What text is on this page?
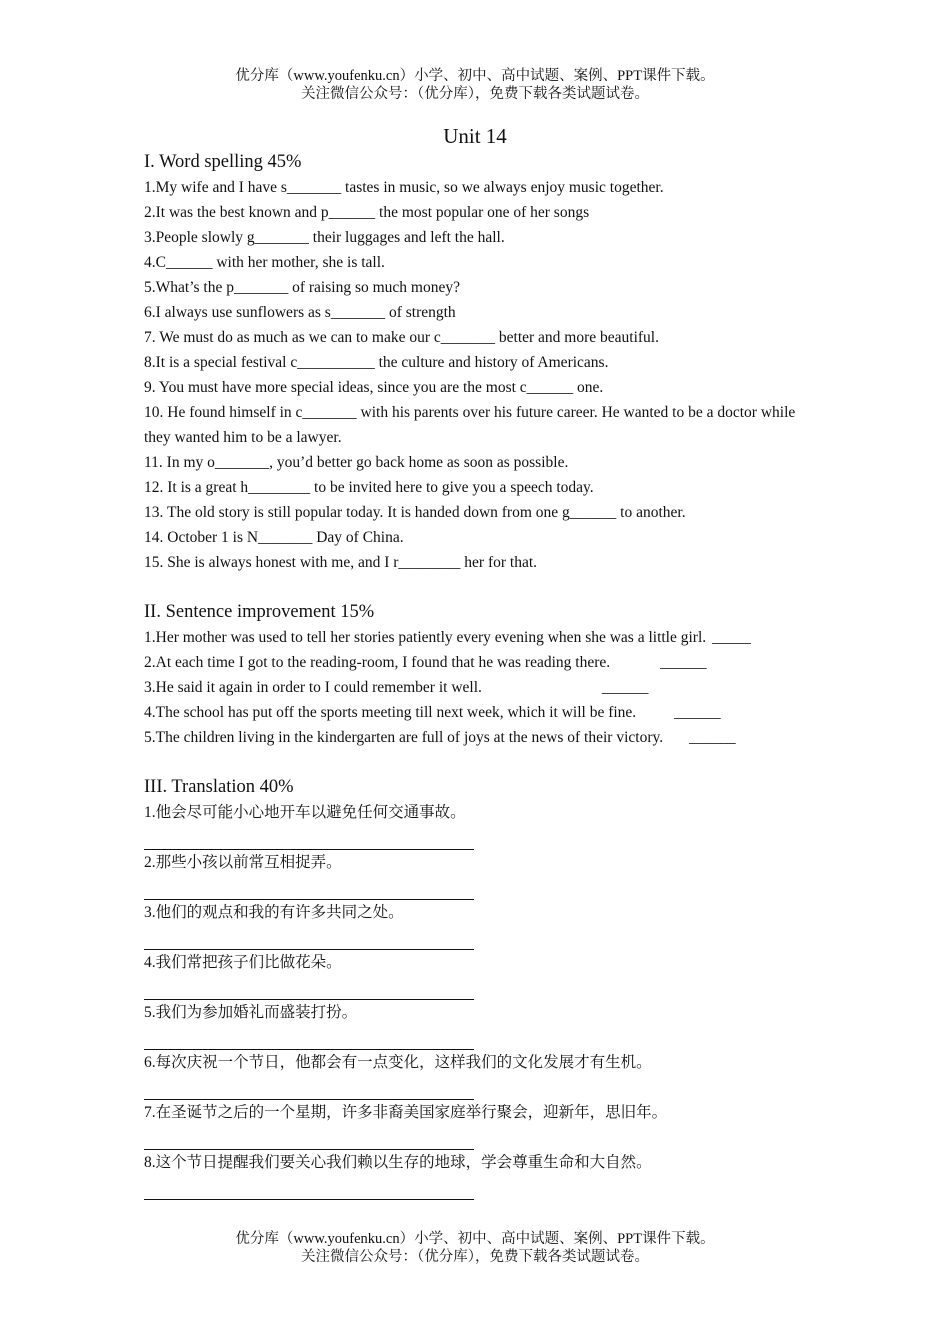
优分库（www.youfenku.cn）小学、初中、高中试题、案例、PPT课件下载。
关注微信公众号：（优分库），免费下载各类试题试卷。
Unit 14
I. Word spelling 45%
1.My wife and I have s_______ tastes in music, so we always enjoy music together.
2.It was the best known and p______ the most popular one of her songs
3.People slowly g_______ their luggages and left the hall.
4.C______ with her mother, she is tall.
5.What’s the p_______ of raising so much money?
6.I always use sunflowers as s_______ of strength
7. We must do as much as we can to make our c_______ better and more beautiful.
8.It is a special festival c__________ the culture and history of Americans.
9. You must have more special ideas, since you are the most c______ one.
10. He found himself in c_______ with his parents over his future career. He wanted to be a doctor while they wanted him to be a lawyer.
11. In my o_______, you’d better go back home as soon as possible.
12. It is a great h________ to be invited here to give you a speech today.
13. The old story is still popular today. It is handed down from one g______ to another.
14. October 1 is N_______ Day of China.
15. She is always honest with me, and I r________ her for that.
II. Sentence improvement 15%
1.Her mother was used to tell her stories patiently every evening when she was a little girl. _____
2.At each time I got to the reading-room, I found that he was reading there.	______
3.He said it again in order to I could remember it well.	______
4.The school has put off the sports meeting till next week, which it will be fine. ______
5.The children living in the kindergarten are full of joys at the news of their victory. ______
III. Translation 40%
1.他会尽可能小心地开车以避免任何交通事故。
2.那些小孩以前常互相捉弄。
3.他们的观点和我的有许多共同之处。
4.我们常把孩子们比做花朵。
5.我们为参加婚礼而盛装打扮。
6.每次庆祝一个节日，他都会有一点变化，这样我们的文化发展才有生机。
7.在圣诞节之后的一个星期，许多非裔美国家庭举行聚会，迎新年，思旧年。
8.这个节日提醒我们要关心我们赖以生存的地球，学会尊重生命和大自然。
优分库（www.youfenku.cn）小学、初中、高中试题、案例、PPT课件下载。
关注微信公众号：（优分库），免费下载各类试题试卷。
